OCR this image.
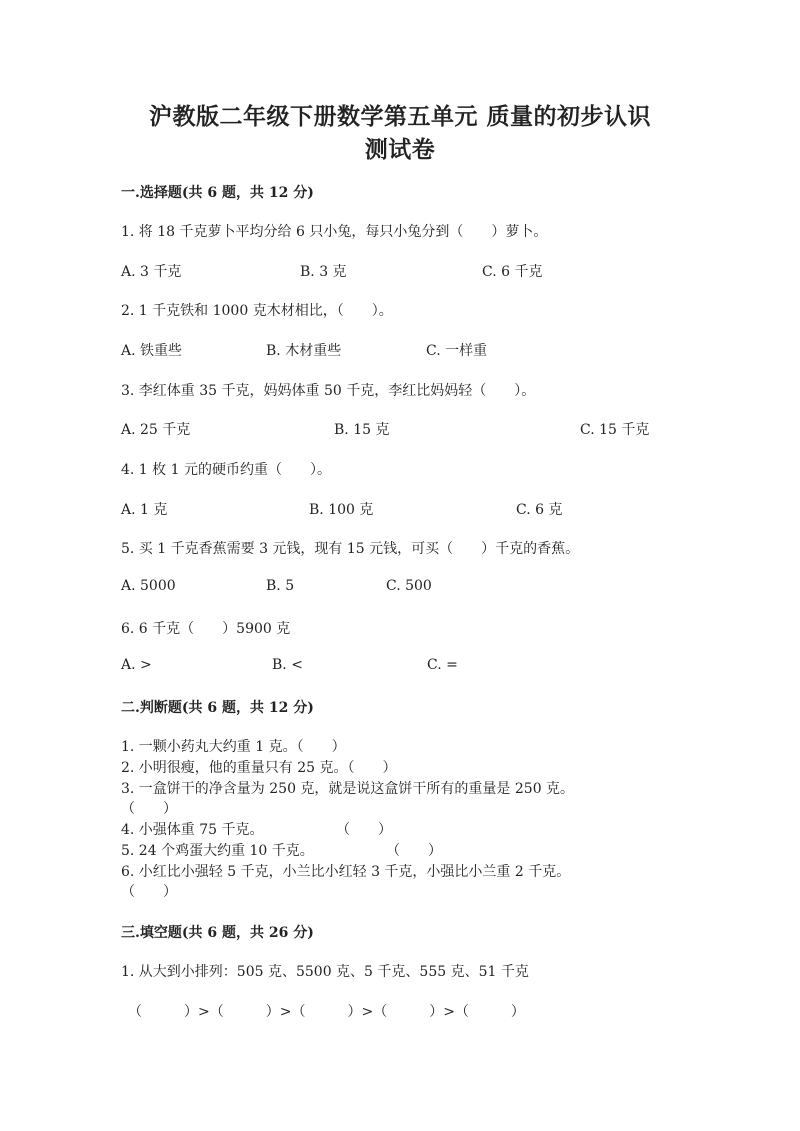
沪教版二年级下册数学第五单元 质量的初步认识
测试卷
一.选择题(共 6 题，共 12 分)
1. 将 18 千克萝卜平均分给 6 只小兔，每只小兔分到（　　）萝卜。
A. 3 千克	B. 3 克	C. 6 千克
2. 1 千克铁和 1000 克木材相比，（　　）。
A. 铁重些	B. 木材重些	C. 一样重
3. 李红体重 35 千克，妈妈体重 50 千克，李红比妈妈轻（　　）。
A. 25 千克	B. 15 克	C. 15 千克
4. 1 枚 1 元的硬币约重（　　）。
A. 1 克	B. 100 克	C. 6 克
5. 买 1 千克香蕉需要 3 元钱，现有 15 元钱，可买（　　）千克的香蕉。
A. 5000	B. 5	C. 500
6. 6 千克（　　）5900 克
A. >	B. <	C. =
二.判断题(共 6 题，共 12 分)
1. 一颗小药丸大约重 1 克。（　　）
2. 小明很瘦，他的重量只有 25 克。（　　）
3. 一盒饼干的净含量为 250 克，就是说这盒饼干所有的重量是 250 克。
（　　）
4. 小强体重 75 千克。	（　　）
5. 24 个鸡蛋大约重 10 千克。	（　　）
6. 小红比小强轻 5 千克，小兰比小红轻 3 千克，小强比小兰重 2 千克。
（　　）
三.填空题(共 6 题，共 26 分)
1. 从大到小排列：505 克、5500 克、5 千克、555 克、51 千克
（　　　）>（　　　）>（　　　）>（　　　）>（　　　）
